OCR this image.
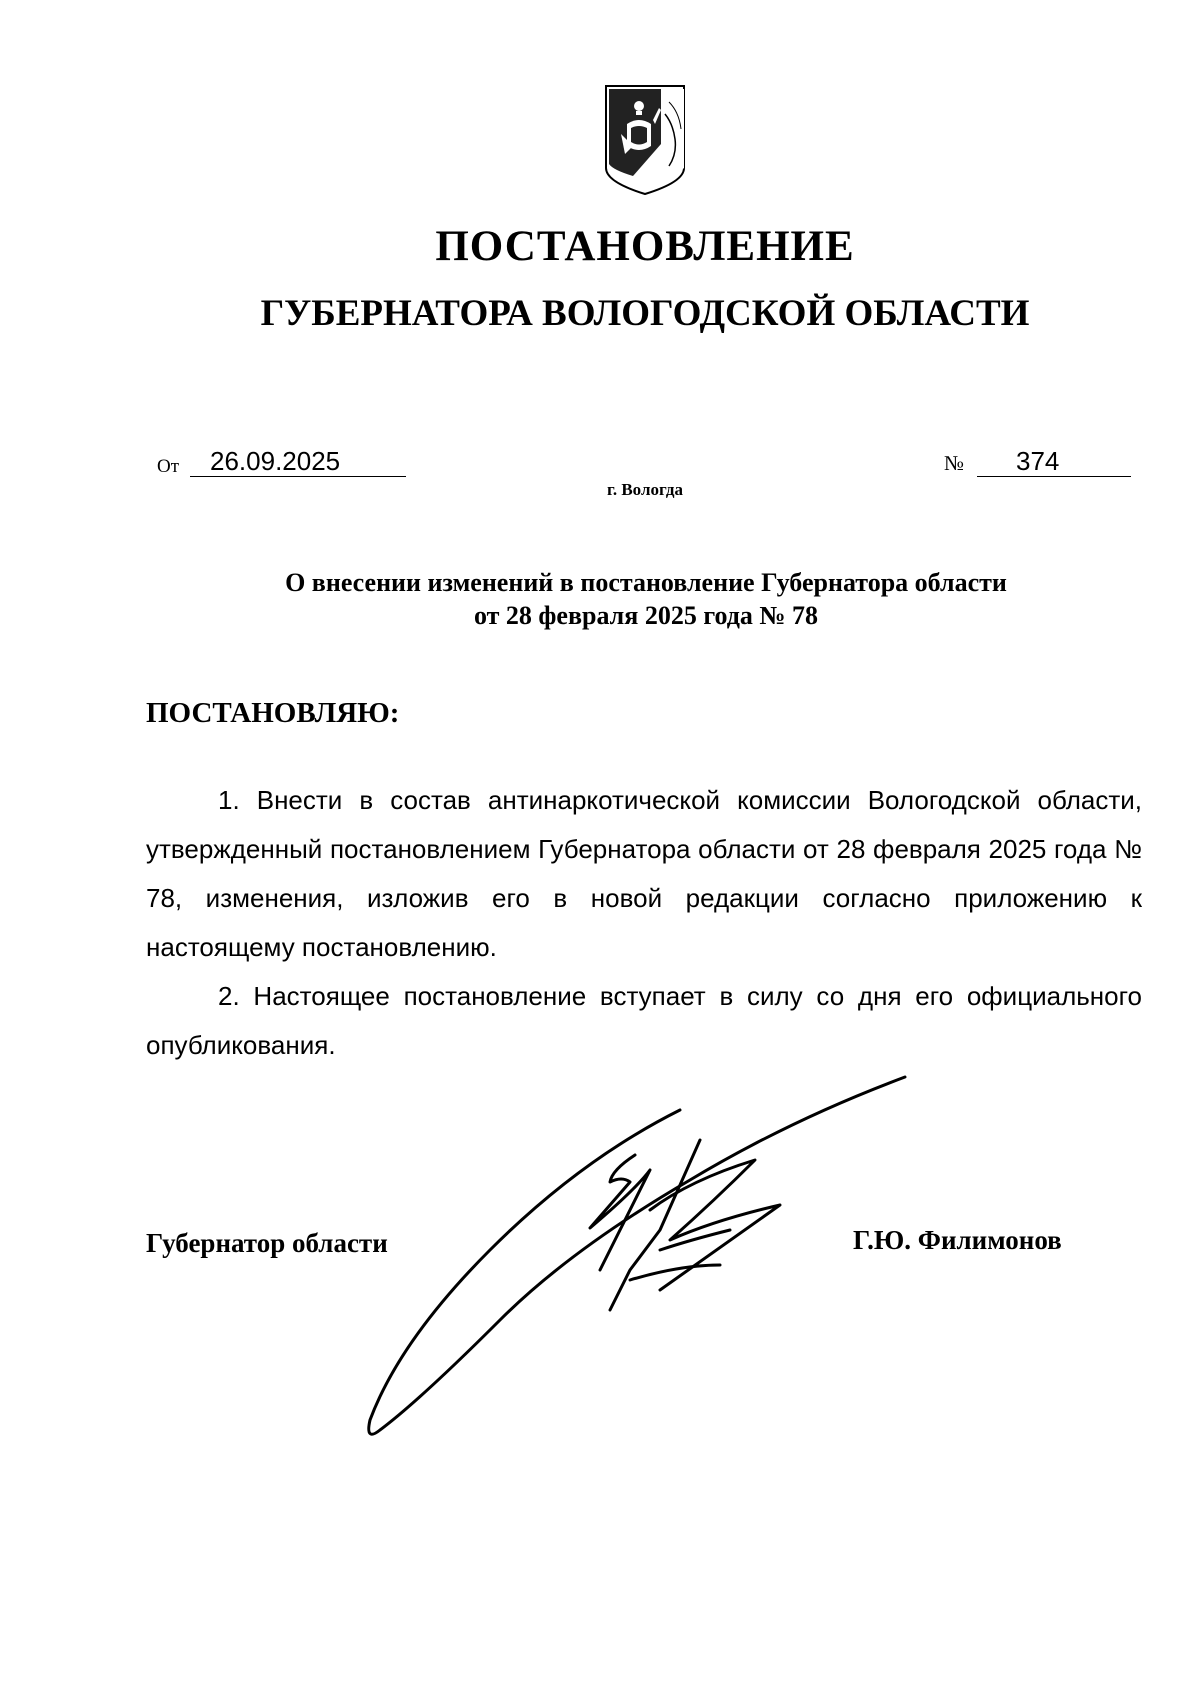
ПОСТАНОВЛЕНИЕ
ГУБЕРНАТОРА ВОЛОГОДСКОЙ ОБЛАСТИ
От 26.09.2025	№ 374
г. Вологда
О внесении изменений в постановление Губернатора области
от 28 февраля 2025 года № 78
ПОСТАНОВЛЯЮ:
1. Внести в состав антинаркотической комиссии Вологодской области, утвержденный постановлением Губернатора области от 28 февраля 2025 года № 78, изменения, изложив его в новой редакции согласно приложению к настоящему постановлению.
2. Настоящее постановление вступает в силу со дня его официального опубликования.
Губернатор области	Г.Ю. Филимонов
